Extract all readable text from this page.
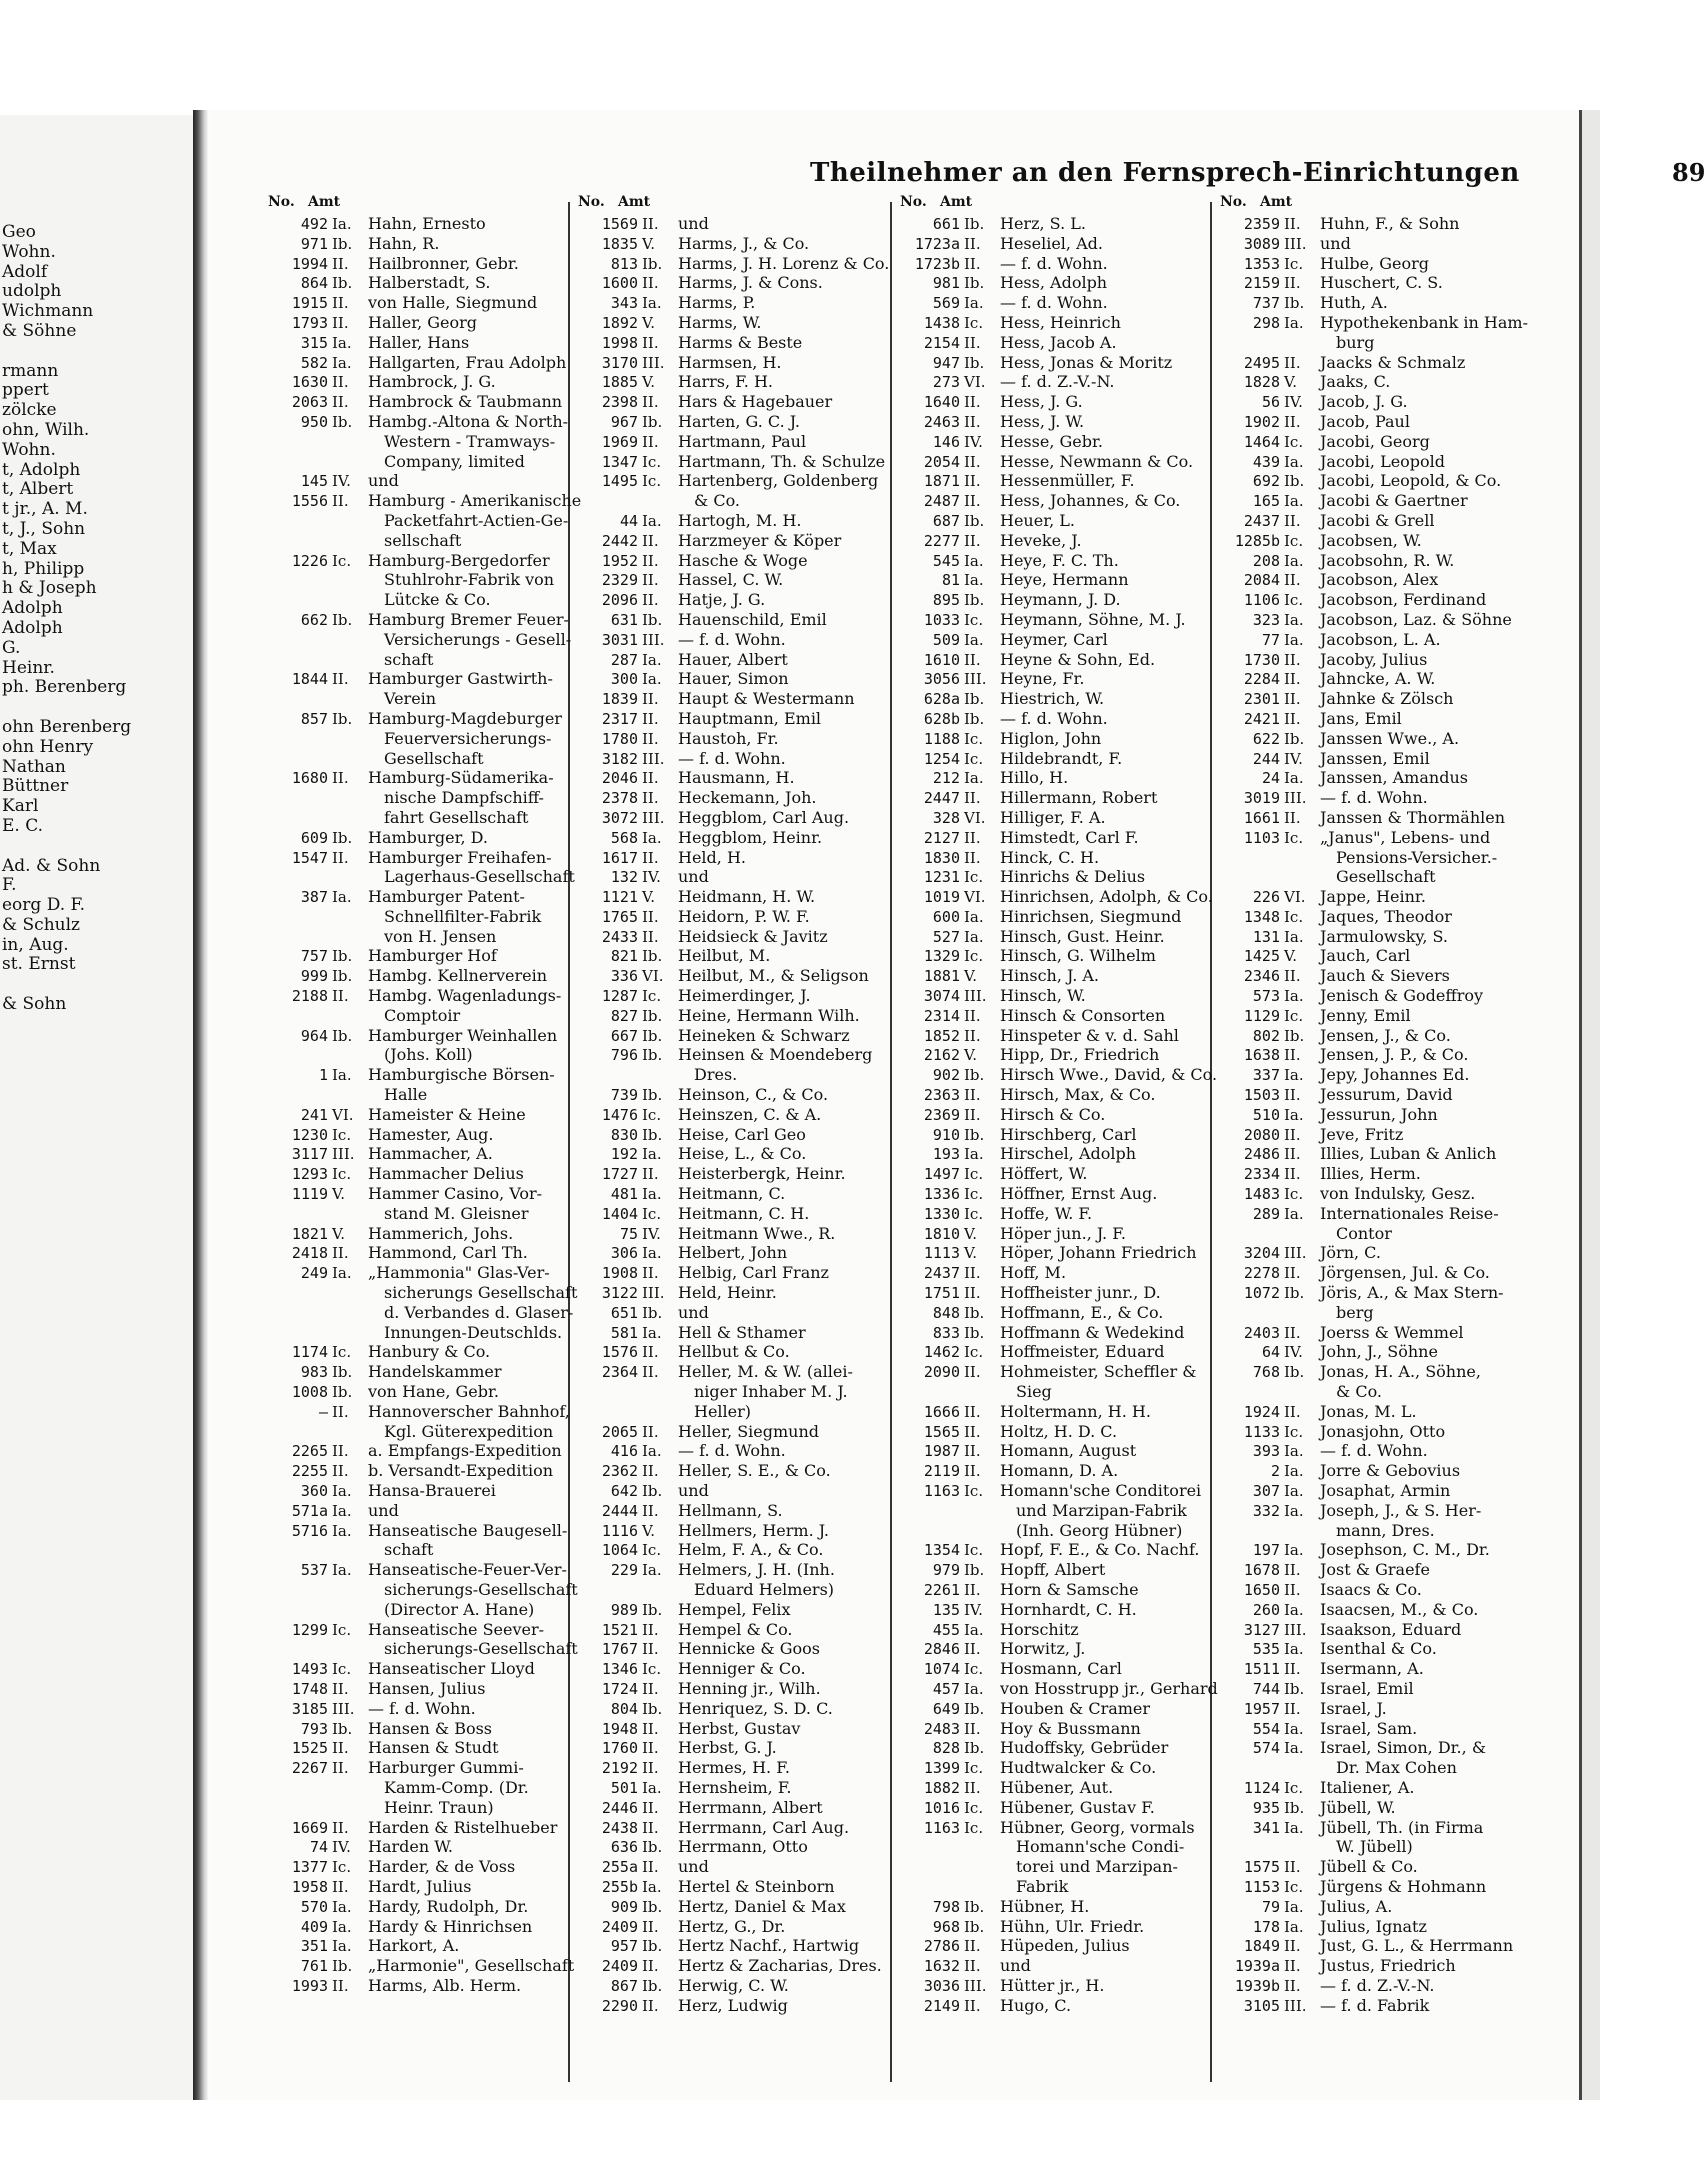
Geo
Wohn.
Adolf
udolph
Wichmann
& Söhne
rmann
ppert
zölcke
ohn, Wilh.
Wohn.
t, Adolph
t, Albert
t jr., A. M.
t, J., Sohn
t, Max
h, Philipp
h & Joseph
Adolph
Adolph
G.
Heinr.
ph. Berenberg
ohn Berenberg
ohn Henry
Nathan
Büttner
Karl
E. C.
Ad. & Sohn
F.
eorg D. F.
& Schulz
in, Aug.
st. Ernst
& Sohn
Theilnehmer an den Fernsprech-Einrichtungen	89
No. Amt
492 Ia.	Hahn, Ernesto
971 Ib. Hahn, R.
1994 II.	Hailbronner, Gebr.
864 Ib. Halberstadt, S.
1915 II.	von Halle, Siegmund
1793 II.	Haller, Georg
315 Ia.	Haller, Hans
582 Ia.	Hallgarten, Frau Adolph
1630 II.	Hambrock, J. G.
2063 II.	Hambrock & Taubmann
950 Ib. Hambg.-Altona & North-
Western - Tramways-
Company, limited
145 IV.	und
1556 II.	Hamburg - Amerikanische
Packetfahrt-Actien-Ge-
sellschaft
1226 Ic.	Hamburg-Bergedorfer
Stuhlrohr-Fabrik von
Lütcke & Co.
662 Ib. Hamburg Bremer Feuer-
Versicherungs - Gesell-
schaft
1844 II.	Hamburger Gastwirth-
Verein
857 Ib. Hamburg-Magdeburger
Feuerversicherungs-
Gesellschaft
1680 II.	Hamburg-Südamerika-
nische Dampfschiff-
fahrt Gesellschaft
609 Ib. Hamburger, D.
1547 II.	Hamburger Freihafen-
Lagerhaus-Gesellschaft
387 Ia.	Hamburger Patent-
Schnellfilter-Fabrik
von H. Jensen
757 Ib. Hamburger Hof
999 Ib. Hambg. Kellnerverein
2188 II.	Hambg. Wagenladungs-
Comptoir
964 Ib. Hamburger Weinhallen
(Johs. Koll)
1 Ia.	Hamburgische Börsen-
Halle
241 VI. Hameister & Heine
1230 Ic.	Hamester, Aug.
3117 III. Hammacher, A.
1293 Ic.	Hammacher Delius
1119 V.	Hammer Casino, Vor-
stand M. Gleisner
1821 V.	Hammerich, Johs.
2418 II.	Hammond, Carl Th.
249 Ia.	„Hammonia" Glas-Ver-
sicherungs Gesellschaft
d. Verbandes d. Glaser-
Innungen-Deutschlds.
1174 Ic.	Hanbury & Co.
983 Ib. Handelskammer
1008 Ib. von Hane, Gebr.
— II.	Hannoverscher Bahnhof,
Kgl. Güterexpedition
2265 II.	a. Empfangs-Expedition
2255 II.	b. Versandt-Expedition
360 Ia.	Hansa-Brauerei
571a Ia.	und
5716 Ia.	Hanseatische Baugesell-
schaft
537 Ia.	Hanseatische-Feuer-Ver-
sicherungs-Gesellschaft
(Director A. Hane)
1299 Ic.	Hanseatische Seever-
sicherungs-Gesellschaft
1493 Ic.	Hanseatischer Lloyd
1748 II.	Hansen, Julius
3185 III. — f. d. Wohn.
793 Ib. Hansen & Boss
1525 II.	Hansen & Studt
2267 II.	Harburger Gummi-
Kamm-Comp. (Dr.
Heinr. Traun)
1669 II.	Harden & Ristelhueber
74 IV.	Harden W.
1377 Ic.	Harder, & de Voss
1958 II.	Hardt, Julius
570 Ia.	Hardy, Rudolph, Dr.
409 Ia.	Hardy & Hinrichsen
351 Ia.	Harkort, A.
761 Ib. „Harmonie", Gesellschaft
1993 II.	Harms, Alb. Herm.
No. Amt
1569 II.	und
1835 V.	Harms, J., & Co.
813 Ib. Harms, J. H. Lorenz & Co.
1600 II.	Harms, J. & Cons.
343 Ia.	Harms, P.
1892 V.	Harms, W.
1998 II.	Harms & Beste
3170 III. Harmsen, H.
1885 V.	Harrs, F. H.
2398 II.	Hars & Hagebauer
967 Ib. Harten, G. C. J.
1969 II.	Hartmann, Paul
1347 Ic.	Hartmann, Th. & Schulze
1495 Ic.	Hartenberg, Goldenberg
& Co.
44 Ia.	Hartogh, M. H.
2442 II.	Harzmeyer & Köper
1952 II.	Hasche & Woge
2329 II.	Hassel, C. W.
2096 II.	Hatje, J. G.
631 Ib. Hauenschild, Emil
3031 III. — f. d. Wohn.
287 Ia.	Hauer, Albert
300 Ia.	Hauer, Simon
1839 II.	Haupt & Westermann
2317 II.	Hauptmann, Emil
1780 II.	Haustoh, Fr.
3182 III. — f. d. Wohn.
2046 II.	Hausmann, H.
2378 II.	Heckemann, Joh.
3072 III. Heggblom, Carl Aug.
568 Ia.	Heggblom, Heinr.
1617 II.	Held, H.
132 IV.	und
1121 V.	Heidmann, H. W.
1765 II.	Heidorn, P. W. F.
2433 II.	Heidsieck & Javitz
821 Ib. Heilbut, M.
336 VI. Heilbut, M., & Seligson
1287 Ic.	Heimerdinger, J.
827 Ib. Heine, Hermann Wilh.
667 Ib. Heineken & Schwarz
796 Ib. Heinsen & Moendeberg
Dres.
739 Ib. Heinson, C., & Co.
1476 Ic.	Heinszen, C. & A.
830 Ib. Heise, Carl Geo
192 Ia.	Heise, L., & Co.
1727 II.	Heisterbergk, Heinr.
481 Ia.	Heitmann, C.
1404 Ic.	Heitmann, C. H.
75 IV.	Heitmann Wwe., R.
306 Ia.	Helbert, John
1908 II.	Helbig, Carl Franz
3122 III. Held, Heinr.
651 Ib. und
581 Ia.	Hell & Sthamer
1576 II.	Hellbut & Co.
2364 II.	Heller, M. & W. (allei-
niger Inhaber M. J.
Heller)
2065 II.	Heller, Siegmund
416 Ia.	— f. d. Wohn.
2362 II.	Heller, S. E., & Co.
642 Ib. und
2444 II.	Hellmann, S.
1116 V.	Hellmers, Herm. J.
1064 Ic.	Helm, F. A., & Co.
229 Ia.	Helmers, J. H. (Inh.
Eduard Helmers)
989 Ib. Hempel, Felix
1521 II.	Hempel & Co.
1767 II.	Hennicke & Goos
1346 Ic.	Henniger & Co.
1724 II.	Henning jr., Wilh.
804 Ib. Henriquez, S. D. C.
1948 II.	Herbst, Gustav
1760 II.	Herbst, G. J.
2192 II.	Hermes, H. F.
501 Ia.	Hernsheim, F.
2446 II.	Herrmann, Albert
2438 II.	Herrmann, Carl Aug.
636 Ib. Herrmann, Otto
255a II.	und
255b Ia.	Hertel & Steinborn
909 Ib. Hertz, Daniel & Max
2409 II.	Hertz, G., Dr.
957 Ib. Hertz Nachf., Hartwig
2409 II.	Hertz & Zacharias, Dres.
867 Ib. Herwig, C. W.
2290 II.	Herz, Ludwig
No. Amt
661 Ib. Herz, S. L.
1723a II.	Heseliel, Ad.
1723b II.	— f. d. Wohn.
981 Ib. Hess, Adolph
569 Ia.	— f. d. Wohn.
1438 Ic.	Hess, Heinrich
2154 II.	Hess, Jacob A.
947 Ib. Hess, Jonas & Moritz
273 VI. — f. d. Z.-V.-N.
1640 II.	Hess, J. G.
2463 II.	Hess, J. W.
146 IV.	Hesse, Gebr.
2054 II.	Hesse, Newmann & Co.
1871 II.	Hessenmüller, F.
2487 II.	Hess, Johannes, & Co.
687 Ib. Heuer, L.
2277 II.	Heveke, J.
545 Ia.	Heye, F. C. Th.
81 Ia.	Heye, Hermann
895 Ib. Heymann, J. D.
1033 Ic.	Heymann, Söhne, M. J.
509 Ia.	Heymer, Carl
1610 II.	Heyne & Sohn, Ed.
3056 III. Heyne, Fr.
628a Ib. Hiestrich, W.
628b Ib. — f. d. Wohn.
1188 Ic.	Higlon, John
1254 Ic.	Hildebrandt, F.
212 Ia.	Hillo, H.
2447 II.	Hillermann, Robert
328 VI. Hilliger, F. A.
2127 II.	Himstedt, Carl F.
1830 II.	Hinck, C. H.
1231 Ic.	Hinrichs & Delius
1019 VI. Hinrichsen, Adolph, & Co.
600 Ia.	Hinrichsen, Siegmund
527 Ia.	Hinsch, Gust. Heinr.
1329 Ic.	Hinsch, G. Wilhelm
1881 V.	Hinsch, J. A.
3074 III. Hinsch, W.
2314 II.	Hinsch & Consorten
1852 II.	Hinspeter & v. d. Sahl
2162 V.	Hipp, Dr., Friedrich
902 Ib. Hirsch Wwe., David, & Co.
2363 II.	Hirsch, Max, & Co.
2369 II.	Hirsch & Co.
910 Ib. Hirschberg, Carl
193 Ia.	Hirschel, Adolph
1497 Ic.	Höffert, W.
1336 Ic.	Höffner, Ernst Aug.
1330 Ic.	Hoffe, W. F.
1810 V.	Höper jun., J. F.
1113 V.	Höper, Johann Friedrich
2437 II.	Hoff, M.
1751 II.	Hoffheister junr., D.
848 Ib. Hoffmann, E., & Co.
833 Ib. Hoffmann & Wedekind
1462 Ic.	Hoffmeister, Eduard
2090 II.	Hohmeister, Scheffler &
Sieg
1666 II.	Holtermann, H. H.
1565 II.	Holtz, H. D. C.
1987 II.	Homann, August
2119 II.	Homann, D. A.
1163 Ic.	Homann'sche Conditorei
und Marzipan-Fabrik
(Inh. Georg Hübner)
1354 Ic.	Hopf, F. E., & Co. Nachf.
979 Ib. Hopff, Albert
2261 II.	Horn & Samsche
135 IV.	Hornhardt, C. H.
455 Ia.	Horschitz
2846 II.	Horwitz, J.
1074 Ic.	Hosmann, Carl
457 Ia.	von Hosstrupp jr., Gerhard
649 Ib. Houben & Cramer
2483 II.	Hoy & Bussmann
828 Ib. Hudoffsky, Gebrüder
1399 Ic.	Hudtwalcker & Co.
1882 II.	Hübener, Aut.
1016 Ic.	Hübener, Gustav F.
1163 Ic.	Hübner, Georg, vormals
Homann'sche Condi-
torei und Marzipan-
Fabrik
798 Ib. Hübner, H.
968 Ib. Hühn, Ulr. Friedr.
2786 II.	Hüpeden, Julius
1632 II.	und
3036 III. Hütter jr., H.
2149 II.	Hugo, C.
No. Amt
2359 II.	Huhn, F., & Sohn
3089 III. und
1353 Ic.	Hulbe, Georg
2159 II.	Huschert, C. S.
737 Ib. Huth, A.
298 Ia.	Hypothekenbank in Ham-
burg
2495 II.	Jaacks & Schmalz
1828 V.	Jaaks, C.
56 IV.	Jacob, J. G.
1902 II.	Jacob, Paul
1464 Ic.	Jacobi, Georg
439 Ia.	Jacobi, Leopold
692 Ib. Jacobi, Leopold, & Co.
165 Ia.	Jacobi & Gaertner
2437 II.	Jacobi & Grell
1285b Ic.	Jacobsen, W.
208 Ia.	Jacobsohn, R. W.
2084 II.	Jacobson, Alex
1106 Ic.	Jacobson, Ferdinand
323 Ia.	Jacobson, Laz. & Söhne
77 Ia.	Jacobson, L. A.
1730 II.	Jacoby, Julius
2284 II.	Jahncke, A. W.
2301 II.	Jahnke & Zölsch
2421 II.	Jans, Emil
622 Ib. Janssen Wwe., A.
244 IV.	Janssen, Emil
24 Ia.	Janssen, Amandus
3019 III. — f. d. Wohn.
1661 II.	Janssen & Thormählen
1103 Ic.	„Janus", Lebens- und
Pensions-Versicher.-
Gesellschaft
226 VI. Jappe, Heinr.
1348 Ic.	Jaques, Theodor
131 Ia.	Jarmulowsky, S.
1425 V.	Jauch, Carl
2346 II.	Jauch & Sievers
573 Ia.	Jenisch & Godeffroy
1129 Ic.	Jenny, Emil
802 Ib. Jensen, J., & Co.
1638 II.	Jensen, J. P., & Co.
337 Ia.	Jepy, Johannes Ed.
1503 II.	Jessurum, David
510 Ia.	Jessurun, John
2080 II.	Jeve, Fritz
2486 II.	Illies, Luban & Anlich
2334 II.	Illies, Herm.
1483 Ic.	von Indulsky, Gesz.
289 Ia.	Internationales Reise-
Contor
3204 III. Jörn, C.
2278 II.	Jörgensen, Jul. & Co.
1072 Ib. Jöris, A., & Max Stern-
berg
2403 II.	Joerss & Wemmel
64 IV.	John, J., Söhne
768 Ib. Jonas, H. A., Söhne,
& Co.
1924 II.	Jonas, M. L.
1133 Ic.	Jonasjohn, Otto
393 Ia.	— f. d. Wohn.
2 Ia.	Jorre & Gebovius
307 Ia.	Josaphat, Armin
332 Ia.	Joseph, J., & S. Her-
mann, Dres.
197 Ia.	Josephson, C. M., Dr.
1678 II.	Jost & Graefe
1650 II.	Isaacs & Co.
260 Ia.	Isaacsen, M., & Co.
3127 III. Isaakson, Eduard
535 Ia.	Isenthal & Co.
1511 II.	Isermann, A.
744 Ib. Israel, Emil
1957 II.	Israel, J.
554 Ia.	Israel, Sam.
574 Ia.	Israel, Simon, Dr., &
Dr. Max Cohen
1124 Ic.	Italiener, A.
935 Ib. Jübell, W.
341 Ia.	Jübell, Th. (in Firma
W. Jübell)
1575 II.	Jübell & Co.
1153 Ic.	Jürgens & Hohmann
79 Ia.	Julius, A.
178 Ia.	Julius, Ignatz
1849 II.	Just, G. L., & Herrmann
1939a II.	Justus, Friedrich
1939b II.	— f. d. Z.-V.-N.
3105 III. — f. d. Fabrik
